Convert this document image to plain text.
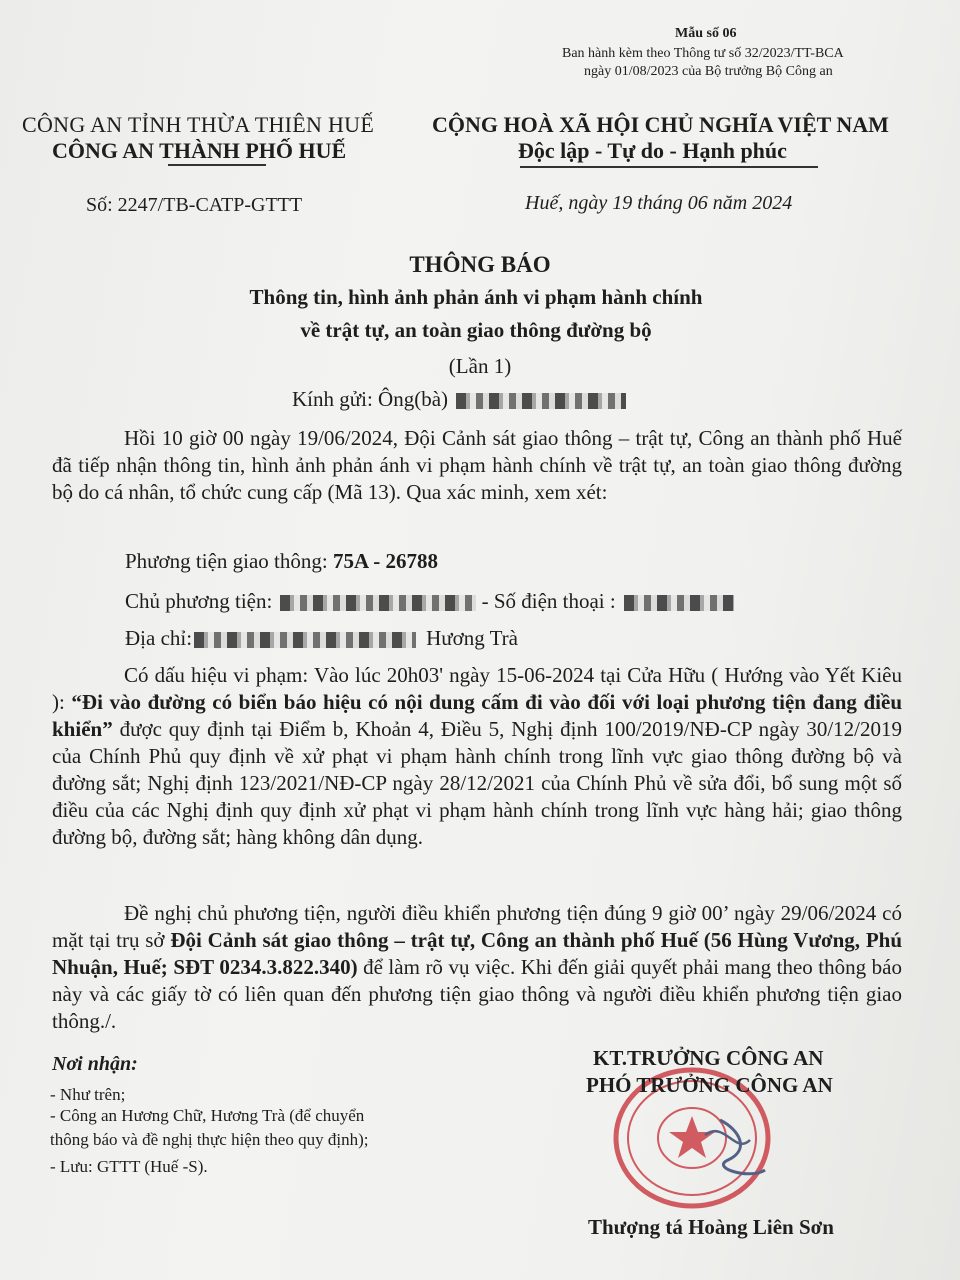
Mẫu số 06
Ban hành kèm theo Thông tư số 32/2023/TT-BCA
ngày 01/08/2023 của Bộ trưởng Bộ Công an
CÔNG AN TỈNH THỪA THIÊN HUẾ
CÔNG AN THÀNH PHỐ HUẾ
CỘNG HOÀ XÃ HỘI CHỦ NGHĨA VIỆT NAM
Độc lập - Tự do - Hạnh phúc
Số: 2247/TB-CATP-GTTT	Huế, ngày 19 tháng 06 năm 2024
THÔNG BÁO
Thông tin, hình ảnh phản ánh vi phạm hành chính
về trật tự, an toàn giao thông đường bộ
(Lần 1)
Kính gửi: Ông(bà)
Hồi 10 giờ 00 ngày 19/06/2024, Đội Cảnh sát giao thông – trật tự, Công an thành phố Huế đã tiếp nhận thông tin, hình ảnh phản ánh vi phạm hành chính về trật tự, an toàn giao thông đường bộ do cá nhân, tổ chức cung cấp (Mã 13). Qua xác minh, xem xét:
Phương tiện giao thông: 75A - 26788
Chủ phương tiện:	- Số điện thoại :
Địa chỉ:	Hương Trà
Có dấu hiệu vi phạm: Vào lúc 20h03' ngày 15-06-2024 tại Cửa Hữu ( Hướng vào Yết Kiêu ): “Đi vào đường có biển báo hiệu có nội dung cấm đi vào đối với loại phương tiện đang điều khiển” được quy định tại Điểm b, Khoản 4, Điều 5, Nghị định 100/2019/NĐ-CP ngày 30/12/2019 của Chính Phủ quy định về xử phạt vi phạm hành chính trong lĩnh vực giao thông đường bộ và đường sắt; Nghị định 123/2021/NĐ-CP ngày 28/12/2021 của Chính Phủ về sửa đổi, bổ sung một số điều của các Nghị định quy định xử phạt vi phạm hành chính trong lĩnh vực hàng hải; giao thông đường bộ, đường sắt; hàng không dân dụng.
Đề nghị chủ phương tiện, người điều khiển phương tiện đúng 9 giờ 00’ ngày 29/06/2024 có mặt tại trụ sở Đội Cảnh sát giao thông – trật tự, Công an thành phố Huế (56 Hùng Vương, Phú Nhuận, Huế; SĐT 0234.3.822.340) để làm rõ vụ việc. Khi đến giải quyết phải mang theo thông báo này và các giấy tờ có liên quan đến phương tiện giao thông và người điều khiển phương tiện giao thông./.
Nơi nhận:
- Như trên;
- Công an Hương Chữ, Hương Trà (để chuyển
thông báo và đề nghị thực hiện theo quy định);
- Lưu: GTTT (Huế -S).
KT.TRƯỞNG CÔNG AN
PHÓ TRƯỞNG CÔNG AN
Thượng tá Hoàng Liên Sơn
